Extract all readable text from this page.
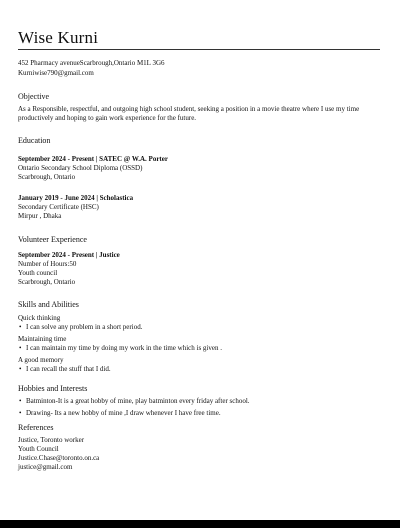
Wise Kurni
452 Pharmacy avenueScarbrough,Ontario M1L 3G6
Kurniwise790@gmail.com
Objective
As a Responsible, respectful, and outgoing high school student, seeking a position in a movie theatre where I use my time productively and hoping to gain work experience for the future.
Education
September 2024 - Present | SATEC @ W.A. Porter
Ontario Secondary School Diploma (OSSD)
Scarbrough, Ontario
January 2019 - June 2024 | Scholastica
Secondary Certificate (HSC)
Mirpur , Dhaka
Volunteer Experience
September 2024 - Present | Justice
Number of Hours:50
Youth council
Scarbrough, Ontario
Skills and Abilities
Quick thinking
• I can solve any problem in a short period.
Maintaining time
• I can maintain my time by doing my work in the time which is given .
A good memory
• I can recall the stuff that I did.
Hobbies and Interests
• Batminton-It is a great hobby of mine, play batminton every friday after school.
• Drawing- Its a new hobby of mine ,I draw whenever I have free time.
References
Justice, Toronto worker
Youth Council
Justice.Chase@toronto.on.ca
justice@gmail.com
